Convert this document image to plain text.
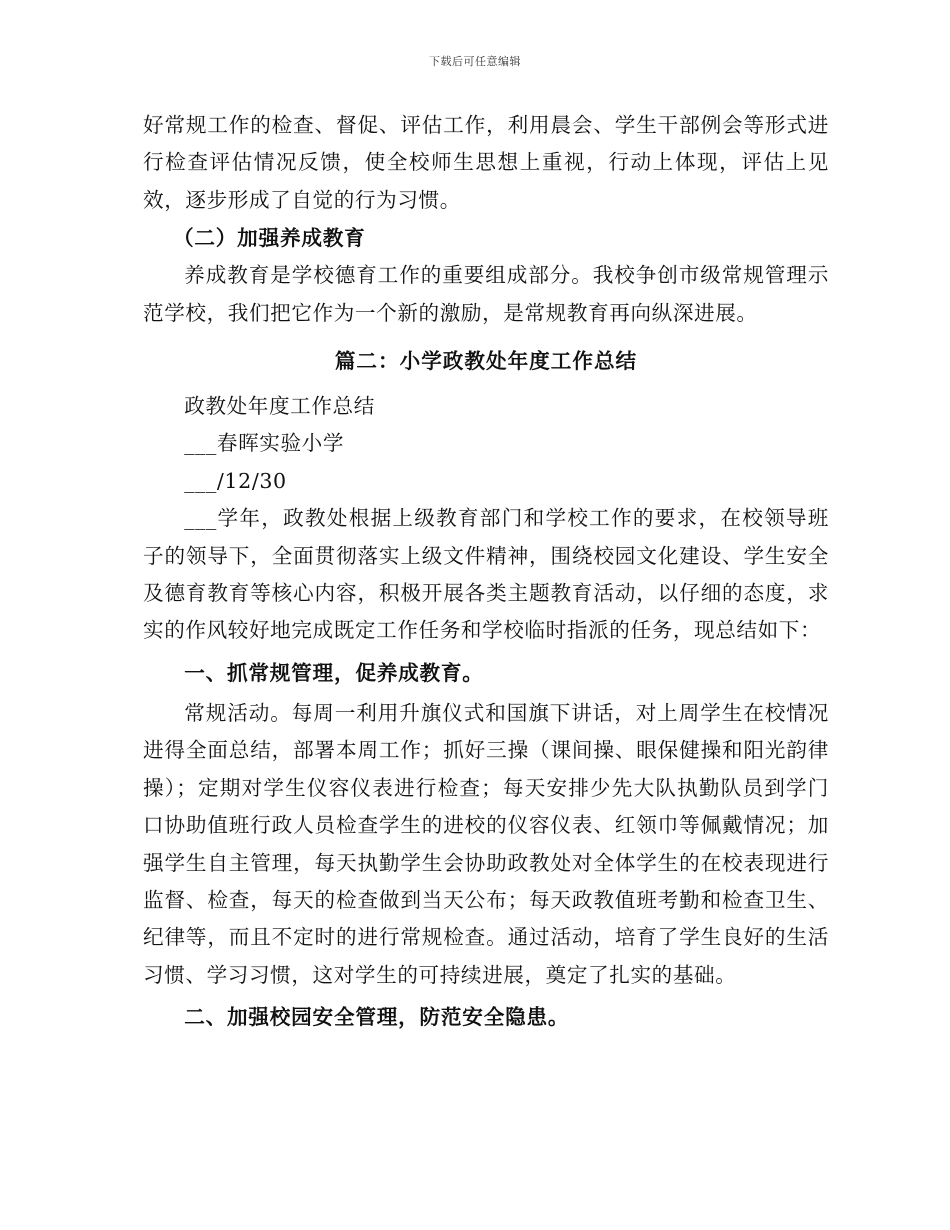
下载后可任意编辑

好常规工作的检查、督促、评估工作，利用晨会、学生干部例会等形式进行检查评估情况反馈，使全校师生思想上重视，行动上体现，评估上见效，逐步形成了自觉的行为习惯。

（二）加强养成教育

养成教育是学校德育工作的重要组成部分。我校争创市级常规管理示范学校，我们把它作为一个新的激励，是常规教育再向纵深进展。

篇二：小学政教处年度工作总结

政教处年度工作总结

___春晖实验小学

___/12/30

___学年，政教处根据上级教育部门和学校工作的要求，在校领导班子的领导下，全面贯彻落实上级文件精神，围绕校园文化建设、学生安全及德育教育等核心内容，积极开展各类主题教育活动，以仔细的态度，求实的作风较好地完成既定工作任务和学校临时指派的任务，现总结如下：

一、抓常规管理，促养成教育。

常规活动。每周一利用升旗仪式和国旗下讲话，对上周学生在校情况进得全面总结，部署本周工作；抓好三操（课间操、眼保健操和阳光韵律操）；定期对学生仪容仪表进行检查；每天安排少先大队执勤队员到学门口协助值班行政人员检查学生的进校的仪容仪表、红领巾等佩戴情况；加强学生自主管理，每天执勤学生会协助政教处对全体学生的在校表现进行监督、检查，每天的检查做到当天公布；每天政教值班考勤和检查卫生、纪律等，而且不定时的进行常规检查。通过活动，培育了学生良好的生活习惯、学习习惯，这对学生的可持续进展，奠定了扎实的基础。

二、加强校园安全管理，防范安全隐患。
